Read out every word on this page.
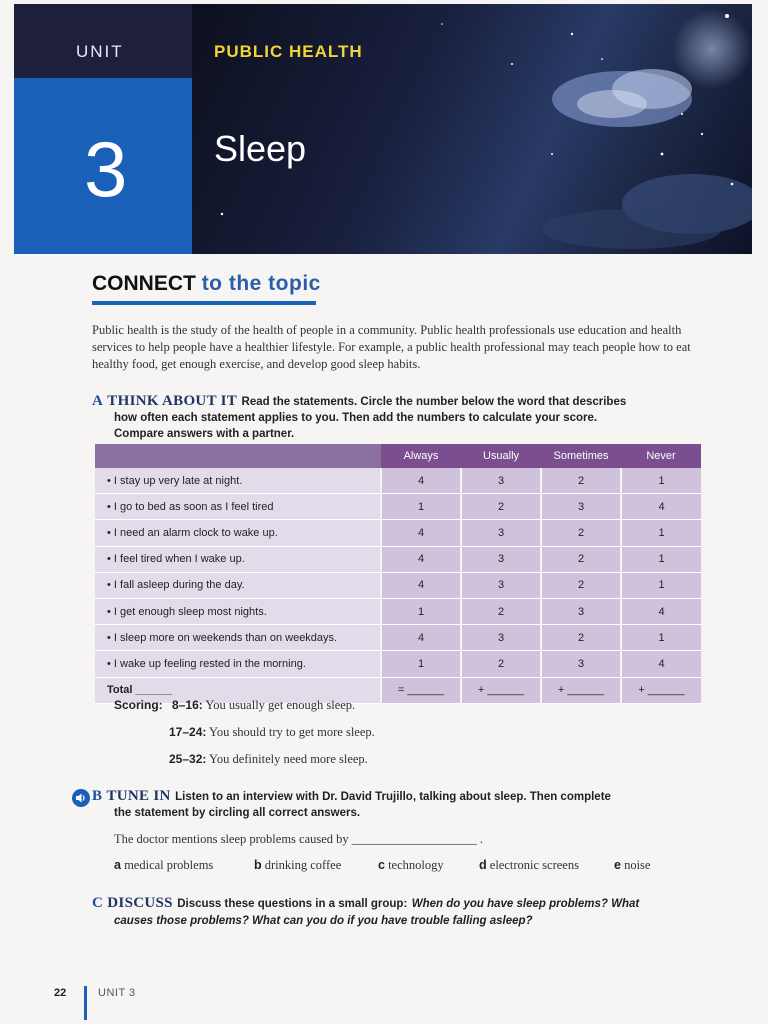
UNIT	PUBLIC HEALTH
3 Sleep
CONNECT to the topic
Public health is the study of the health of people in a community. Public health professionals use education and health services to help people have a healthier lifestyle. For example, a public health professional may teach people how to eat healthy food, get enough exercise, and develop good sleep habits.
A THINK ABOUT IT Read the statements. Circle the number below the word that describes
how often each statement applies to you. Then add the numbers to calculate your score.
Compare answers with a partner.
	Always	Usually	Sometimes	Never
• I stay up very late at night.	4	3	2	1
• I go to bed as soon as I feel tired	1	2	3	4
• I need an alarm clock to wake up.	4	3	2	1
• I feel tired when I wake up.	4	3	2	1
• I fall asleep during the day.	4	3	2	1
• I get enough sleep most nights.	1	2	3	4
• I sleep more on weekends than on weekdays.	4	3	2	1
• I wake up feeling rested in the morning.	1	2	3	4
Total ______	= ______	+ ______	+ ______	+ ______
Scoring: 8–16: You usually get enough sleep.
17–24: You should try to get more sleep.
25–32: You definitely need more sleep.
B TUNE IN Listen to an interview with Dr. David Trujillo, talking about sleep. Then complete
the statement by circling all correct answers.
The doctor mentions sleep problems caused by ____________________ .
a medical problems	b drinking coffee	c technology	d electronic screens	e noise
C DISCUSS Discuss these questions in a small group: When do you have sleep problems? What
causes those problems? What can you do if you have trouble falling asleep?
22	UNIT 3
